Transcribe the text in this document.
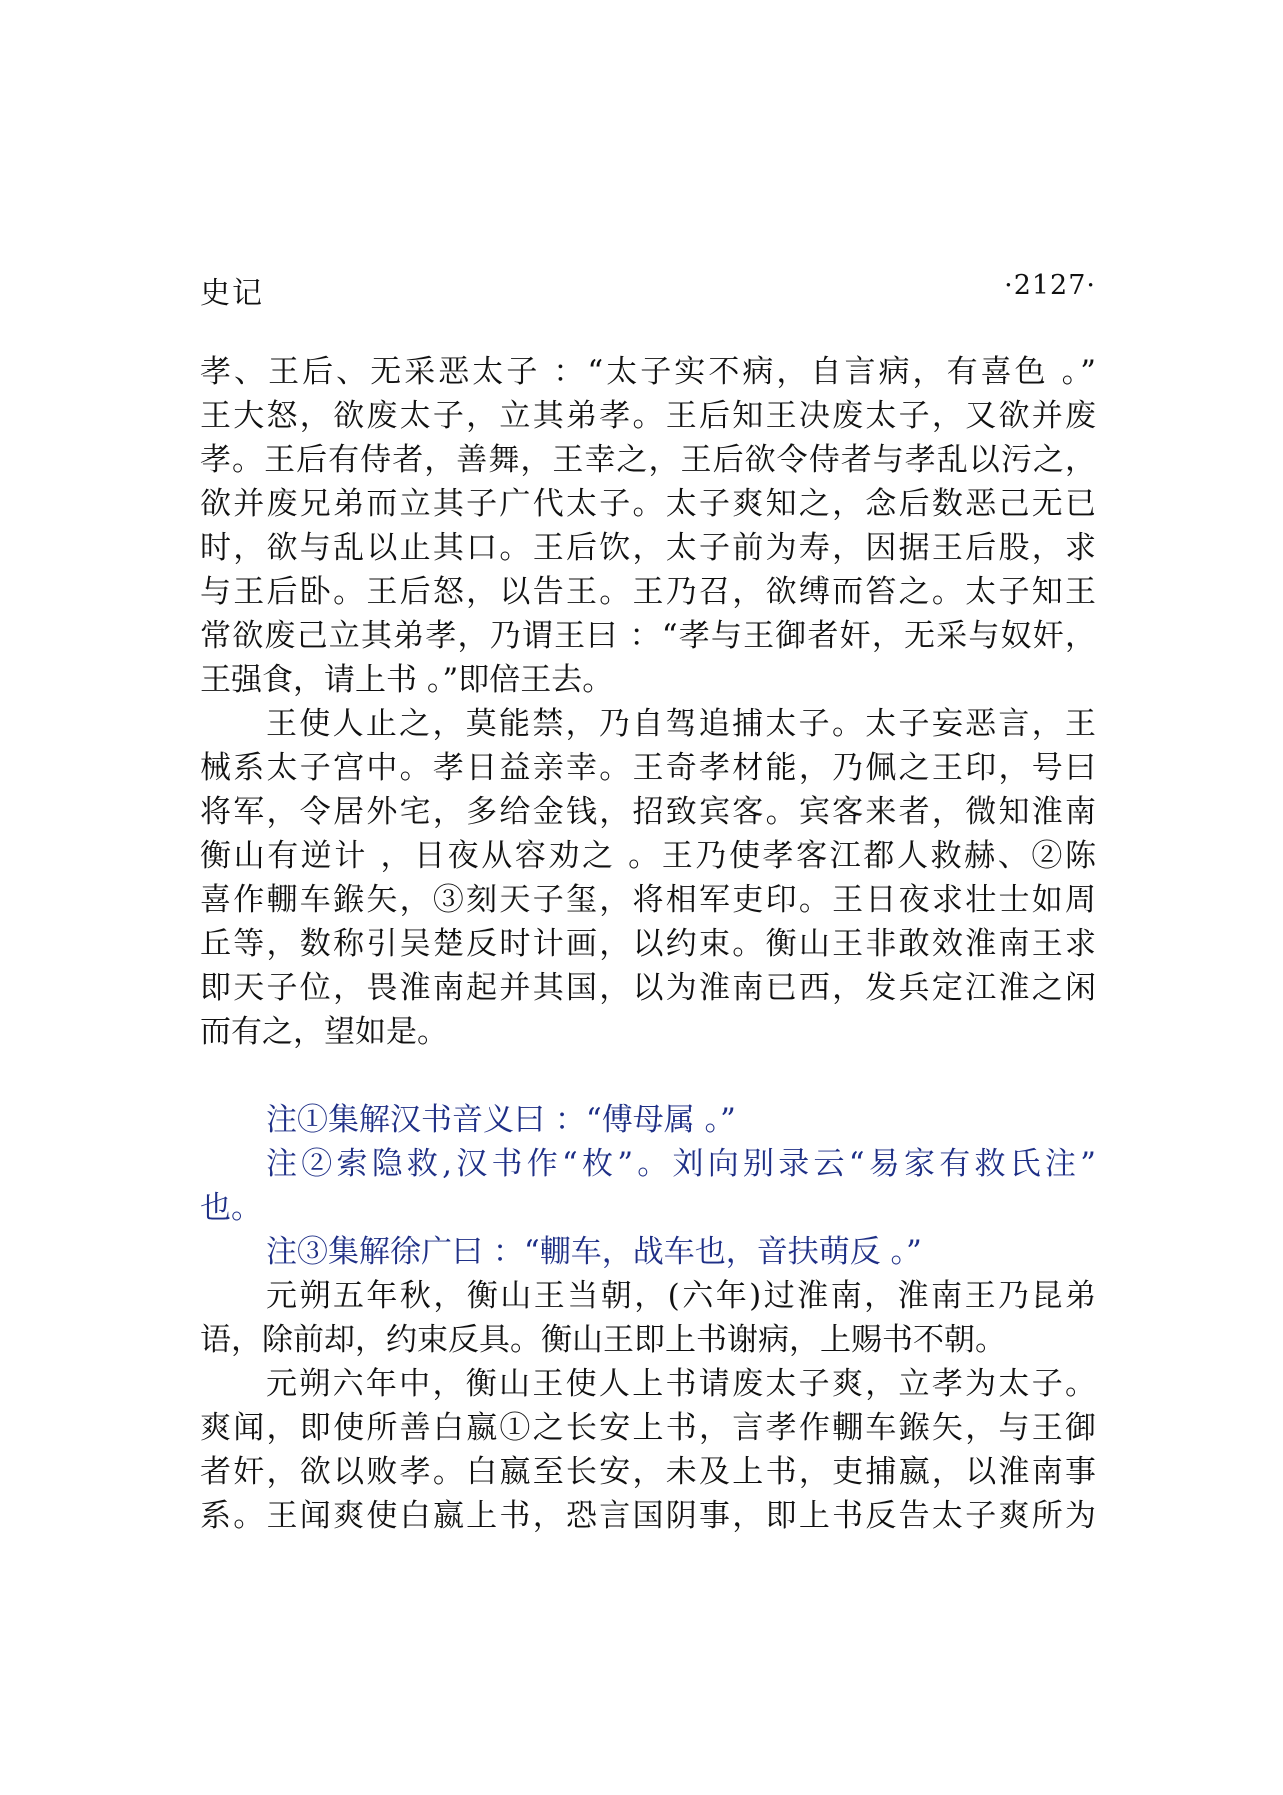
史记	·2127·
孝、王后、无采恶太子 ：“太子实不病，自言病，有喜色 。”
王大怒，欲废太子，立其弟孝。王后知王决废太子，又欲并废
孝。王后有侍者，善舞，王幸之，王后欲令侍者与孝乱以污之，
欲并废兄弟而立其子广代太子。太子爽知之，念后数恶己无已
时，欲与乱以止其口。王后饮，太子前为寿，因据王后股，求
与王后卧。王后怒，以告王。王乃召，欲缚而笞之。太子知王
常欲废己立其弟孝，乃谓王曰 ：“孝与王御者奸，无采与奴奸，
王强食，请上书 。”即倍王去。
王使人止之，莫能禁，乃自驾追捕太子。太子妄恶言，王
械系太子宫中。孝日益亲幸。王奇孝材能，乃佩之王印，号曰
将军，令居外宅，多给金钱，招致宾客。宾客来者，微知淮南
衡山有逆计 ，日夜从容劝之 。王乃使孝客江都人救赫、②陈
喜作輣车鍭矢，③刻天子玺，将相军吏印。王日夜求壮士如周
丘等，数称引吴楚反时计画，以约束。衡山王非敢效淮南王求
即天子位，畏淮南起并其国，以为淮南已西，发兵定江淮之闲
而有之，望如是。
注①集解汉书音义曰 ：“傅母属 。”
注②索隐救,汉书作“枚”。刘向别录云“易家有救氏注”
也。
注③集解徐广曰 ：“輣车，战车也，音扶萌反 。”
元朔五年秋，衡山王当朝，(六年)过淮南，淮南王乃昆弟
语，除前却，约束反具。衡山王即上书谢病，上赐书不朝。
元朔六年中，衡山王使人上书请废太子爽，立孝为太子。
爽闻，即使所善白嬴①之长安上书，言孝作輣车鍭矢，与王御
者奸，欲以败孝。白嬴至长安，未及上书，吏捕嬴，以淮南事
系。王闻爽使白嬴上书，恐言国阴事，即上书反告太子爽所为
